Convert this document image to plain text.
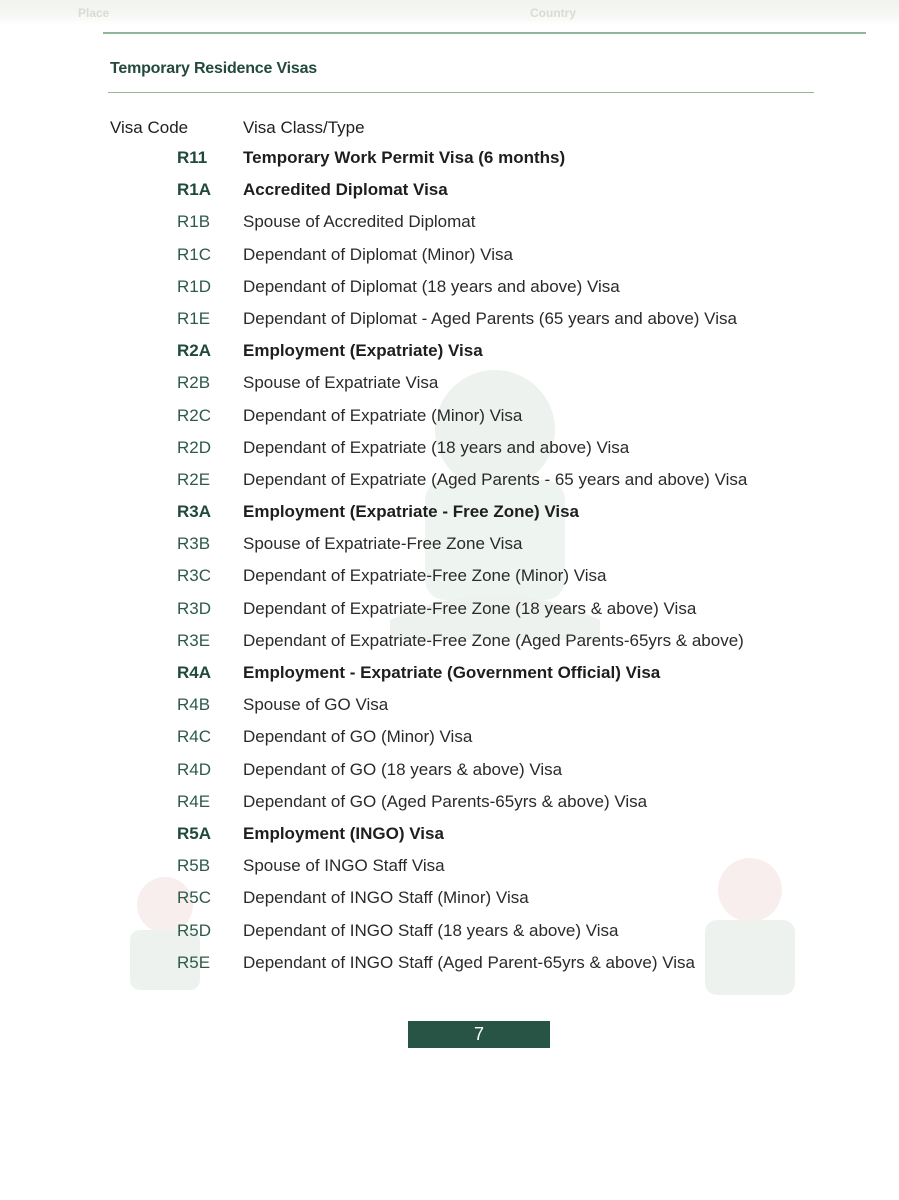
Place	Country
Temporary Residence Visas
Visa Code	Visa Class/Type
R11 Temporary Work Permit Visa (6 months)
R1A Accredited Diplomat Visa
R1B Spouse of Accredited Diplomat
R1C Dependant of Diplomat (Minor) Visa
R1D Dependant of Diplomat (18 years and above) Visa
R1E Dependant of Diplomat - Aged Parents (65 years and above) Visa
R2A Employment (Expatriate) Visa
R2B Spouse of Expatriate Visa
R2C Dependant of Expatriate (Minor) Visa
R2D Dependant of Expatriate (18 years and above) Visa
R2E Dependant of Expatriate (Aged Parents - 65 years and above) Visa
R3A Employment (Expatriate - Free Zone) Visa
R3B Spouse of Expatriate-Free Zone Visa
R3C Dependant of Expatriate-Free Zone (Minor) Visa
R3D Dependant of Expatriate-Free Zone (18 years & above) Visa
R3E Dependant of Expatriate-Free Zone (Aged Parents-65yrs & above)
R4A Employment - Expatriate (Government Official) Visa
R4B Spouse of GO Visa
R4C Dependant of GO (Minor) Visa
R4D Dependant of GO (18 years & above) Visa
R4E Dependant of GO (Aged Parents-65yrs & above) Visa
R5A Employment (INGO) Visa
R5B Spouse of INGO Staff Visa
R5C Dependant of INGO Staff (Minor) Visa
R5D Dependant of INGO Staff (18 years & above) Visa
R5E Dependant of INGO Staff (Aged Parent-65yrs & above) Visa
7
